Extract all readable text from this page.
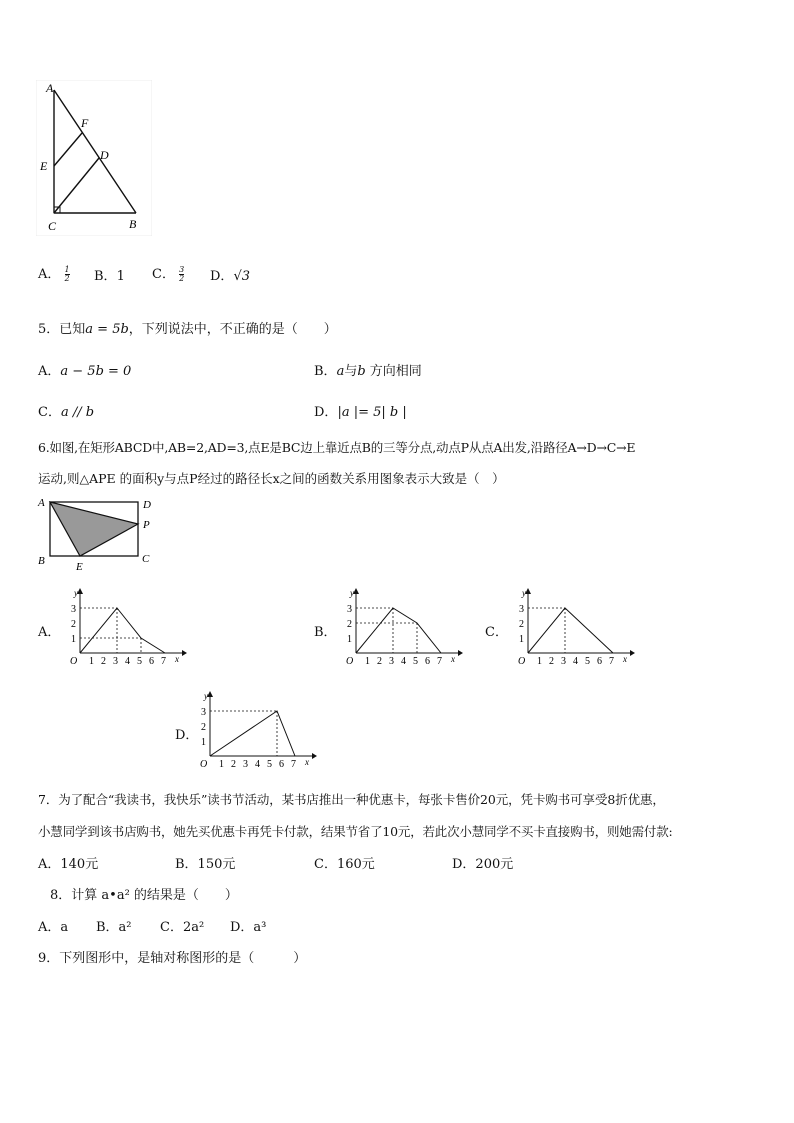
A
F
D
E
C	B
A． $\frac{1}{2}$ B．1 C． $\frac{3}{2}$ D．√3
5．已知a = 5b，下列说法中，不正确的是（　　）
A．a − 5b = 0	B．a与b 方向相同
C．a // b	D．|a |= 5| b |
6.如图,在矩形ABCD中,AB=2,AD=3,点E是BC边上靠近点B的三等分点,动点P从点A出发,沿路径A→D→C→E
运动,则△APE 的面积y与点P经过的路径长x之间的函数关系用图象表示大致是（　）
A	D
P
B	E
C
A．	B．	C．
D．
y
x
O 1 2 3 4 5 6 7
1
2
3
y
x
O 1 2 3 4 5 6 7
1
2
3
y
x
O 1 2 3 4 5 6 7
1
2
3
y
x
O 1 2 3 4 5 6 7
1
2
3
7．为了配合“我读书，我快乐”读书节活动，某书店推出一种优惠卡，每张卡售价20元，凭卡购书可享受8折优惠，
小慧同学到该书店购书，她先买优惠卡再凭卡付款，结果节省了10元，若此次小慧同学不买卡直接购书，则她需付款:
A．140元	B．150元	C．160元	D．200元
8．计算 a•a² 的结果是（　　）
A．a B．a² C．2a² D．a³
9．下列图形中，是轴对称图形的是（　　　）
